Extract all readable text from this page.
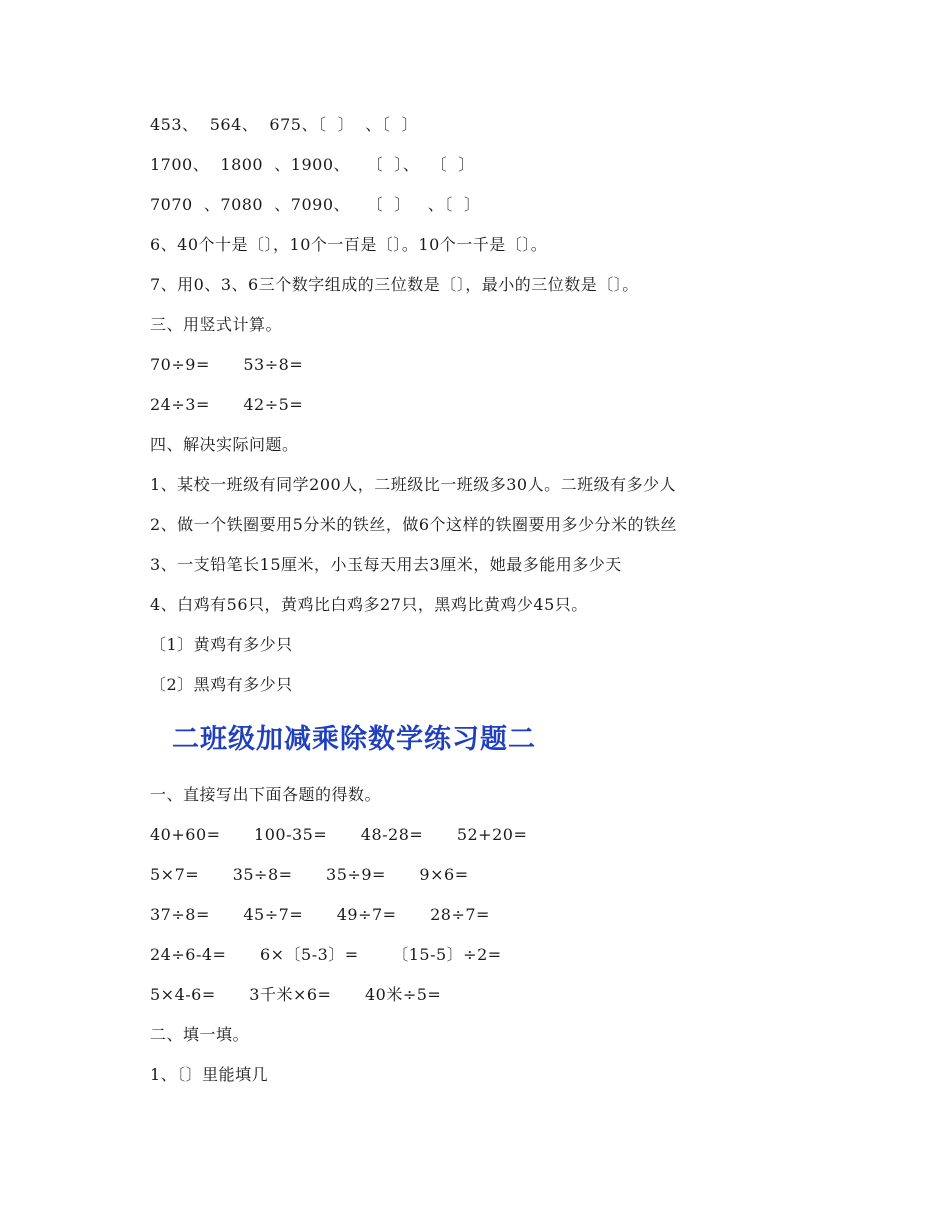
453、  564、  675、〔  〕  、〔  〕
1700、  1800  、1900、   〔  〕、  〔  〕
7070  、7080  、7090、   〔  〕   、〔  〕
6、40个十是〔〕，10个一百是〔〕。10个一千是〔〕。
7、用0、3、6三个数字组成的三位数是〔〕，最小的三位数是〔〕。
三、用竖式计算。
70÷9=      53÷8=
24÷3=      42÷5=
四、解决实际问题。
1、某校一班级有同学200人，二班级比一班级多30人。二班级有多少人
2、做一个铁圈要用5分米的铁丝，做6个这样的铁圈要用多少分米的铁丝
3、一支铅笔长15厘米，小玉每天用去3厘米，她最多能用多少天
4、白鸡有56只，黄鸡比白鸡多27只，黑鸡比黄鸡少45只。
〔1〕黄鸡有多少只
〔2〕黑鸡有多少只
二班级加减乘除数学练习题二
一、直接写出下面各题的得数。
40+60=      100-35=      48-28=      52+20=
5×7=      35÷8=      35÷9=      9×6=
37÷8=      45÷7=      49÷7=      28÷7=
24÷6-4=      6×〔5-3〕=      〔15-5〕÷2=
5×4-6=      3千米×6=      40米÷5=
二、填一填。
1、〔〕里能填几
